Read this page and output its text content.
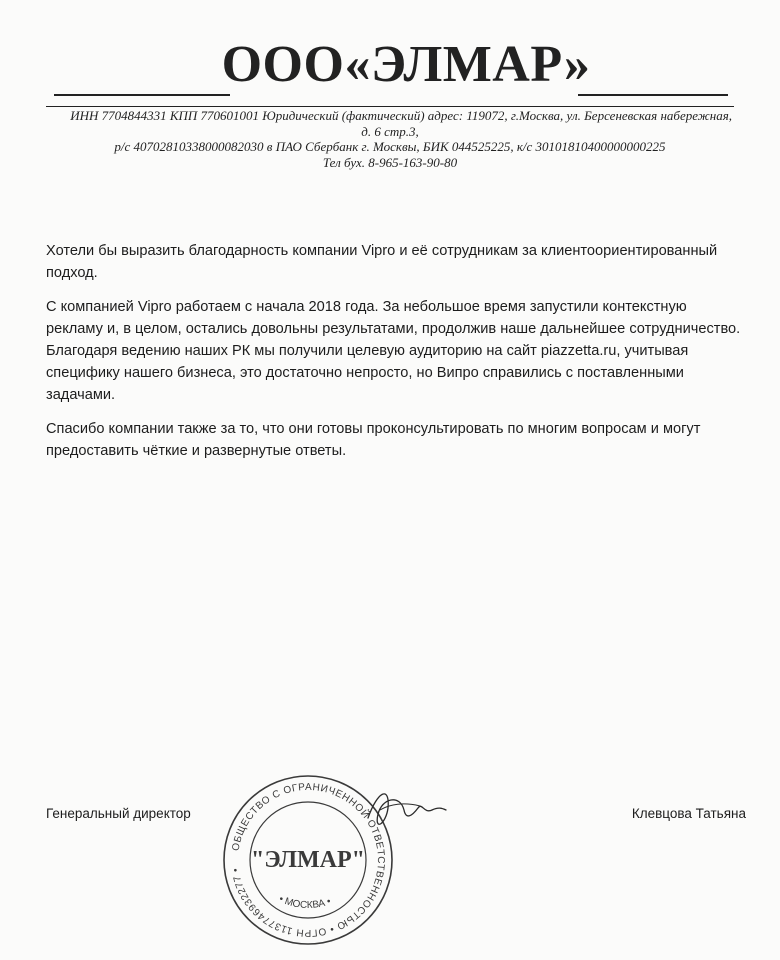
ООО«ЭЛМАР»
ИНН 7704844331 КПП 770601001 Юридический (фактический) адрес: 119072, г.Москва, ул. Берсеневская набережная,
д. 6 стр.3,
р/с 40702810338000082030 в ПАО Сбербанк г. Москвы, БИК 044525225, к/с 30101810400000000225
Тел бух. 8-965-163-90-80

Хотели бы выразить благодарность компании Vipro и её сотрудникам за клиентоориентированный подход.

С компанией Vipro работаем с начала 2018 года. За небольшое время запустили контекстную рекламу и, в целом, остались довольны результатами, продолжив наше дальнейшее сотрудничество. Благодаря ведению наших РК мы получили целевую аудиторию на сайт piazzetta.ru, учитывая специфику нашего бизнеса, это достаточно непросто, но Випро справились с поставленными задачами.

Спасибо компании также за то, что они готовы проконсультировать по многим вопросам и могут предоставить чёткие и развернутые ответы.

ОБЩЕСТВО С ОГРАНИЧЕННОЙ ОТВЕТСТВЕННОСТЬЮ • ОГРН 1137746932277 • "ЭЛМАР"
• МОСКВА •
Генеральный директор	Клевцова Татьяна
